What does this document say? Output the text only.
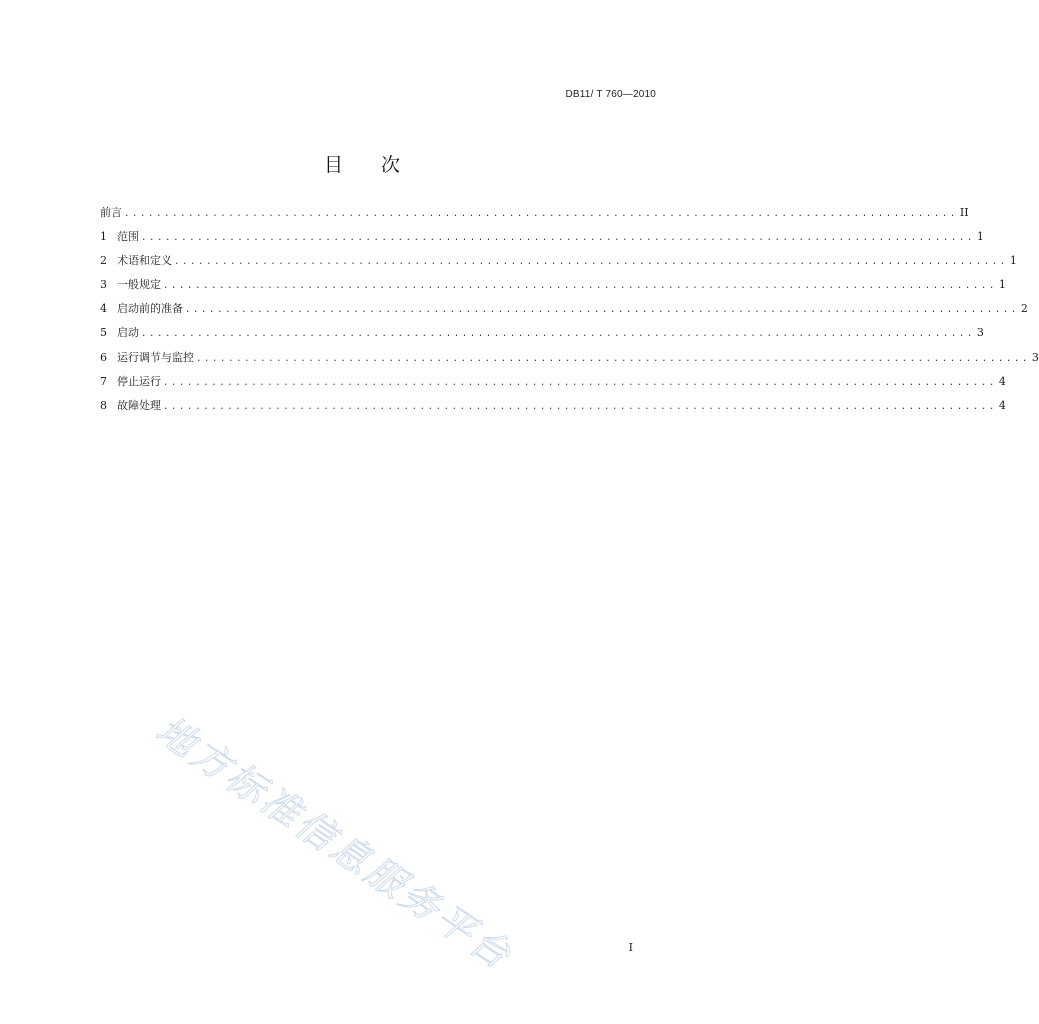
DB11/ T 760—2010
目 次
前言 ........................................................................................................ II
1 范围 ........................................................................................................ 1
2 术语和定义 ........................................................................................................ 1
3 一般规定 ........................................................................................................ 1
4 启动前的准备 ........................................................................................................ 2
5 启动 ........................................................................................................ 3
6 运行调节与监控 ........................................................................................................ 3
7 停止运行 ........................................................................................................ 4
8 故障处理 ........................................................................................................ 4
地方标准信息服务平台	I
